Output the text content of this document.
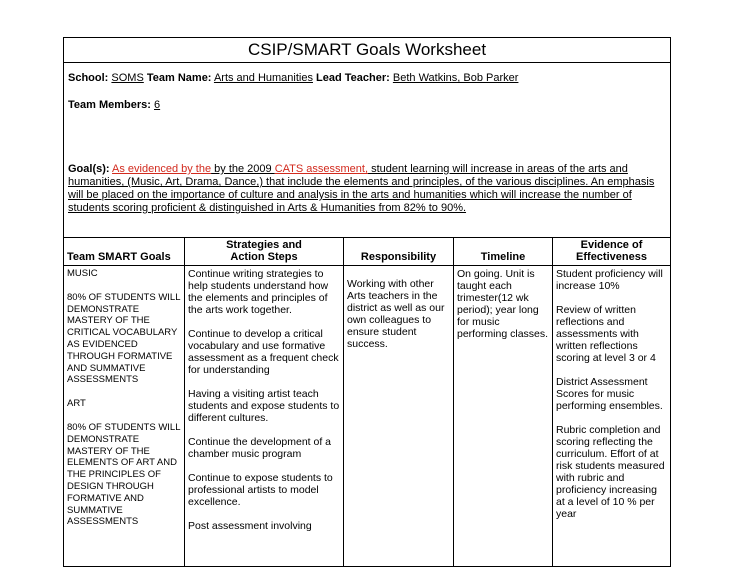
CSIP/SMART Goals Worksheet
School: SOMS Team Name: Arts and Humanities Lead Teacher: Beth Watkins, Bob Parker
Team Members: 6
Goal(s): As evidenced by the by the 2009 CATS assessment, student learning will increase in areas of the arts and humanities, (Music, Art, Drama, Dance,) that include the elements and principles, of the various disciplines. An emphasis will be placed on the importance of culture and analysis in the arts and humanities which will increase the number of students scoring proficient & distinguished in Arts & Humanities from 82% to 90%.
Team SMART Goals

MUSIC

80% OF STUDENTS WILL DEMONSTRATE MASTERY OF THE CRITICAL VOCABULARY AS EVIDENCED THROUGH FORMATIVE AND SUMMATIVE ASSESSMENTS

ART

80% OF STUDENTS WILL DEMONSTRATE MASTERY OF THE ELEMENTS OF ART AND THE PRINCIPLES OF DESIGN THROUGH FORMATIVE AND SUMMATIVE ASSESSMENTS

Strategies and
Action Steps

Continue writing strategies to help students understand how the elements and principles of the arts work together.

Continue to develop a critical vocabulary and use formative assessment as a frequent check for understanding

Having a visiting artist teach students and expose students to different cultures.

Continue the development of a chamber music program

Continue to expose students to professional artists to model excellence.

Post assessment involving

Responsibility

Working with other Arts teachers in the district as well as our own colleagues to ensure student success.

Timeline

On going. Unit is taught each trimester(12 wk period); year long for music performing classes.

Evidence of
Effectiveness

Student proficiency will increase 10%

Review of written reflections and assessments with written reflections scoring at level 3 or 4

District Assessment Scores for music performing ensembles.

Rubric completion and scoring reflecting the curriculum. Effort of at risk students measured with rubric and proficiency increasing at a level of 10 % per year
